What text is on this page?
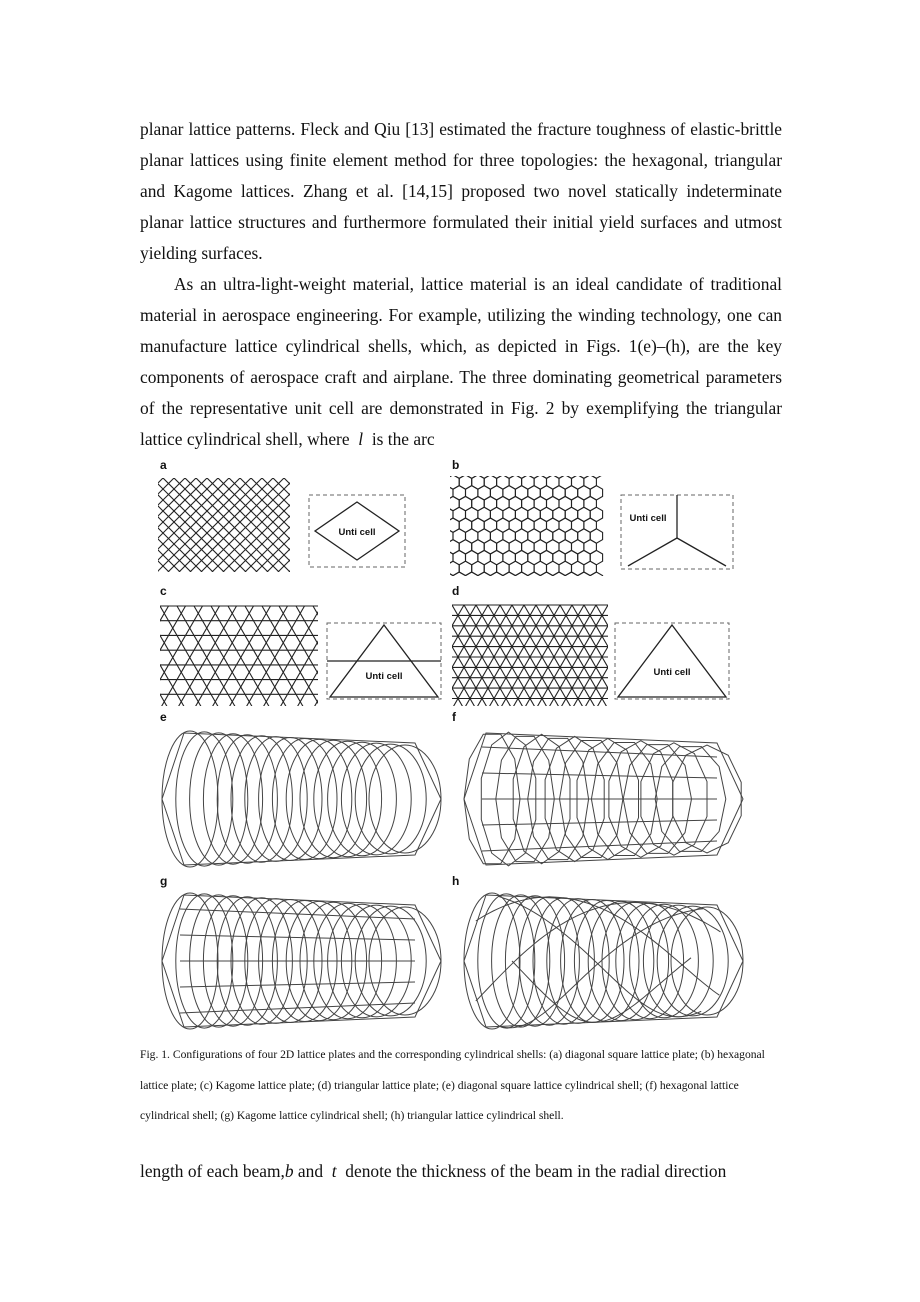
planar lattice patterns. Fleck and Qiu [13] estimated the fracture toughness of elastic-brittle planar lattices using finite element method for three topologies: the hexagonal, triangular and Kagome lattices. Zhang et al. [14,15] proposed two novel statically indeterminate planar lattice structures and furthermore formulated their initial yield surfaces and utmost yielding surfaces.

As an ultra-light-weight material, lattice material is an ideal candidate of traditional material in aerospace engineering. For example, utilizing the winding technology, one can manufacture lattice cylindrical shells, which, as depicted in Figs. 1(e)–(h), are the key components of aerospace craft and airplane. The three dominating geometrical parameters of the representative unit cell are demonstrated in Fig. 2 by exemplifying the triangular lattice cylindrical shell, where l is the arc

a	b
c	d
e	f
g	h
Unti cell
Unti cell
Unti cell	Unti cell

Fig. 1. Configurations of four 2D lattice plates and the corresponding cylindrical shells: (a) diagonal square lattice plate; (b) hexagonal lattice plate; (c) Kagome lattice plate; (d) triangular lattice plate; (e) diagonal square lattice cylindrical shell; (f) hexagonal lattice cylindrical shell; (g) Kagome lattice cylindrical shell; (h) triangular lattice cylindrical shell.

length of each beam,b and t denote the thickness of the beam in the radial direction
